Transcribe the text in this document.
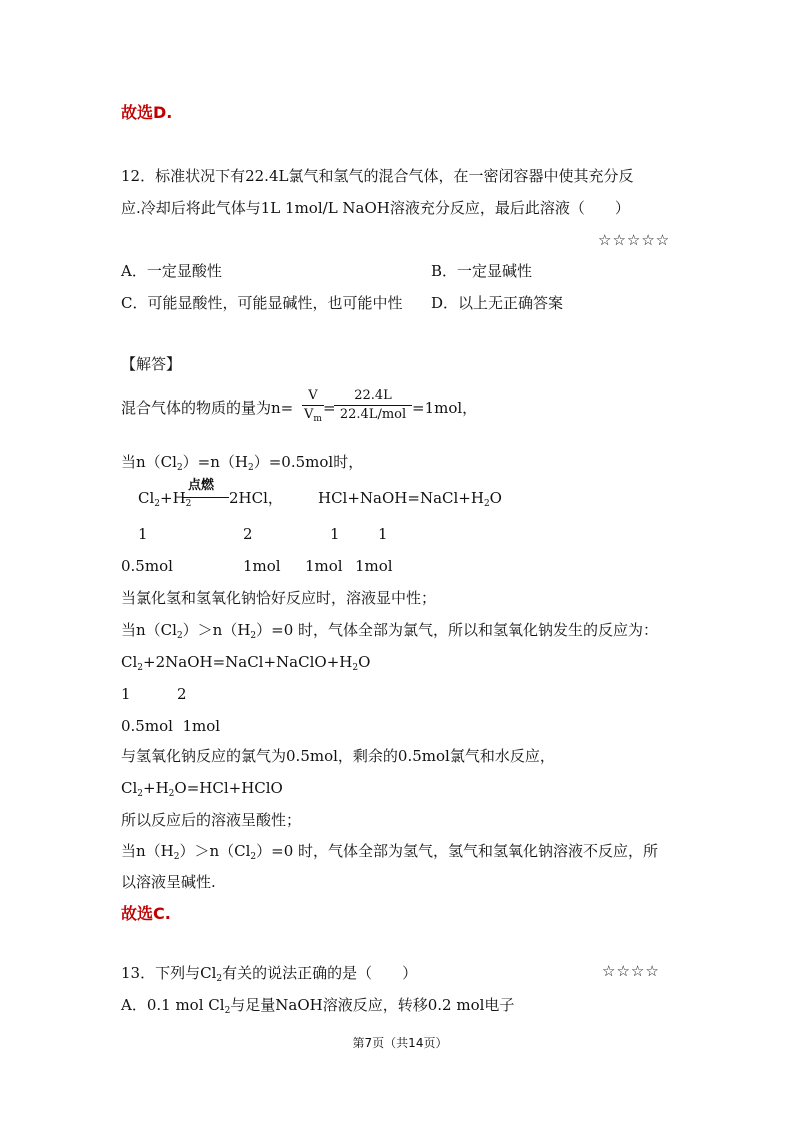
故选D.
12．标准状况下有22.4L氯气和氢气的混合气体，在一密闭容器中使其充分反
应.冷却后将此气体与1L 1mol/L NaOH溶液充分反应，最后此溶液（　　）
☆☆☆☆☆
A．一定显酸性	B．一定显碱性
C．可能显酸性，可能显碱性，也可能中性 D．以上无正确答案
【解答】
混合气体的物质的量为n=
V
$V_m$
=
22.4L
22.4L/mol =1mol，
当$n(Cl_2)=n(H_2)=0.5mol$时，
$Cl_2+H_2$
点燃
2HCl， $HCl+NaOH=NaCl+H_2O$
1	2	1	1
0.5mol	1mol 1mol 1mol
当氯化氢和氢氧化钠恰好反应时，溶液显中性；
当$n(Cl_2)>n(H_2)=0$ 时，气体全部为氯气，所以和氢氧化钠发生的反应为：
$Cl_2+2NaOH=NaCl+NaClO+H_2O$
1	2
0.5mol  1mol
与氢氧化钠反应的氯气为0.5mol，剩余的0.5mol氯气和水反应，
$Cl_2+H_2O=HCl+HClO$
所以反应后的溶液呈酸性；
当$n(H_2)>n(Cl_2)=0$ 时，气体全部为氢气，氢气和氢氧化钠溶液不反应，所
以溶液呈碱性.
故选C.
13．下列与$Cl_2$有关的说法正确的是（　　）	☆☆☆☆
A．0.1 mol $Cl_2$与足量NaOH溶液反应，转移0.2 mol电子
第7页（共14页）
